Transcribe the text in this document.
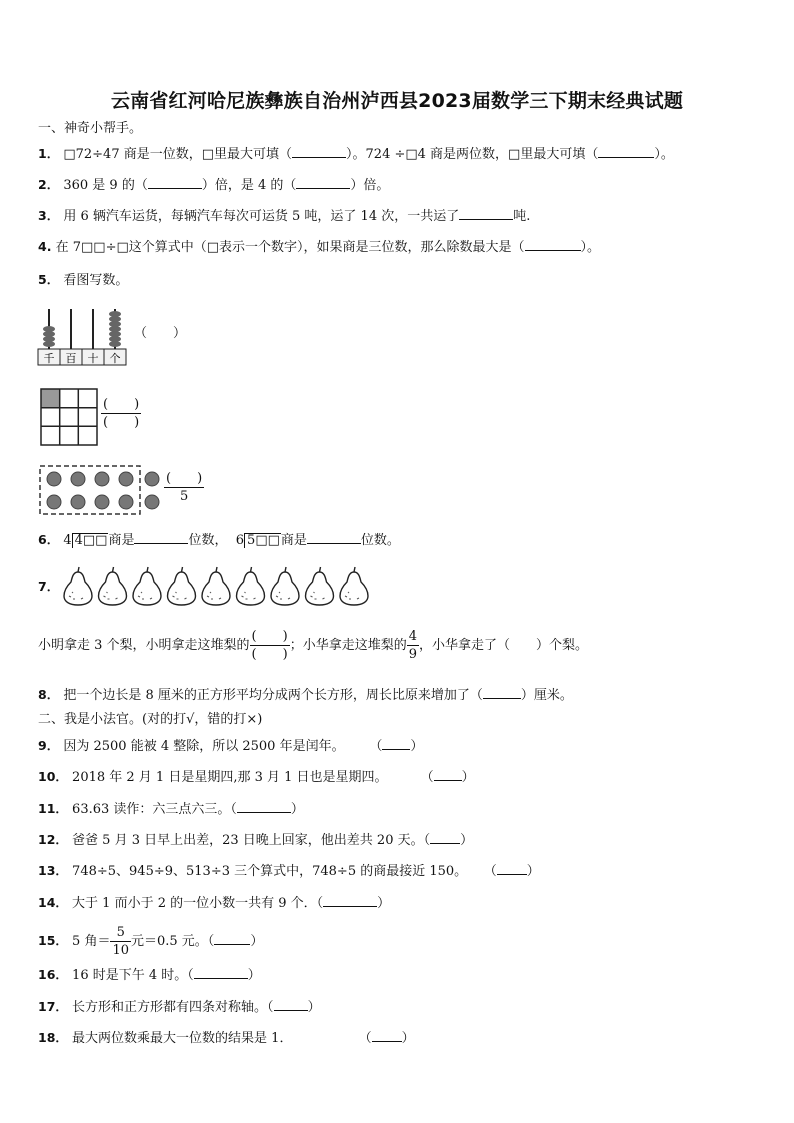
云南省红河哈尼族彝族自治州泸西县2023届数学三下期末经典试题
一、神奇小帮手。
1． □72÷47 商是一位数，□里最大可填（	）。724 ÷□4 商是两位数，□里最大可填（	）。
2． 360 是 9 的（	）倍，是 4 的（	）倍。
3． 用 6 辆汽车运货，每辆汽车每次可运货 5 吨，运了 14 次，一共运了	吨.
4. 在 7□□÷□这个算式中（□表示一个数字），如果商是三位数，那么除数最大是（	）。
5． 看图写数。
千 百 十 个
（　　）
$\frac{( )}{( )}$
$\frac{( )}{5}$
6． 4 4□□商是	位数， 6 5□□商是	位数。
7．
小明拿走 3 个梨，小明拿走这堆梨的 $\frac{( )}{( )}$ ；小华拿走这堆梨的 $\frac{4}{9}$ ，小华拿走了（　　）个梨。
8． 把一个边长是 8 厘米的正方形平均分成两个长方形，周长比原来增加了（	）厘米。
二、我是小法官。(对的打√，错的打×)
9． 因为 2500 能被 4 整除，所以 2500 年是闰年。 （ ）
10． 2018 年 2 月 1 日是星期四,那 3 月 1 日也是星期四。	（ ）
11． 63.63 读作：六三点六三。（	）
12． 爸爸 5 月 3 日早上出差，23 日晚上回家，他出差共 20 天。（ ）
13． 748÷5、945÷9、513÷3 三个算式中，748÷5 的商最接近 150。 （ ）
14． 大于 1 而小于 2 的一位小数一共有 9 个．（	）
15． 5 角＝ $\frac{5}{10}$ 元＝0.5 元。（	）
16． 16 时是下午 4 时。（	）
17． 长方形和正方形都有四条对称轴。（	）
18． 最大两位数乘最大一位数的结果是 1．	（ ）
